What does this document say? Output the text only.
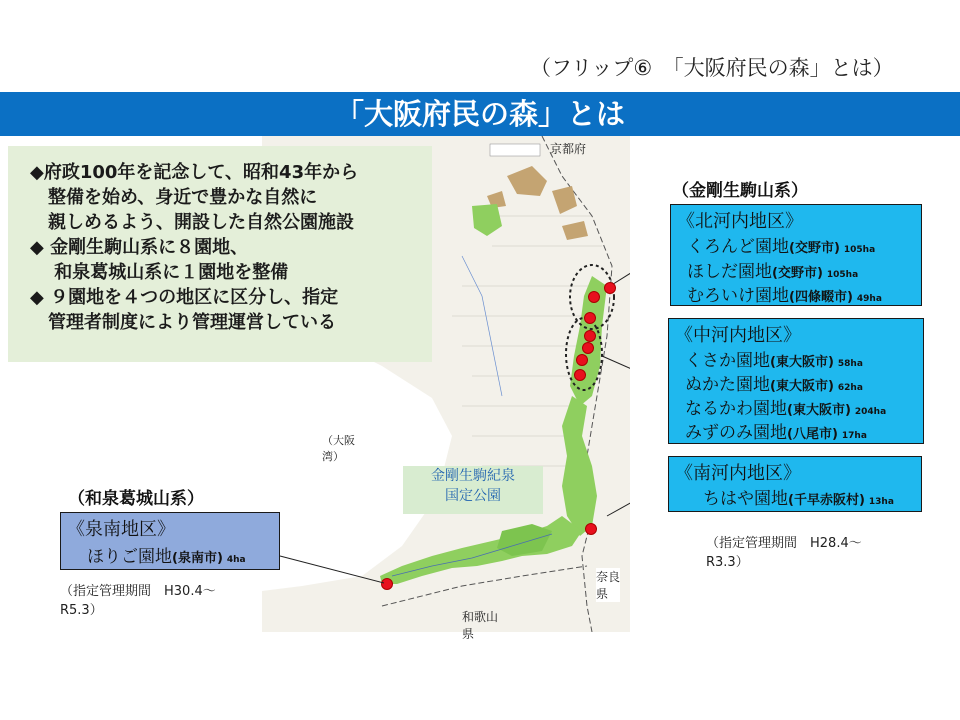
（フリップ⑥　「大阪府民の森」とは）
「大阪府民の森」とは
京都府
（大阪
湾）
奈良
県
和歌山
県
金剛生駒紀泉
国定公園
◆府政100年を記念して、昭和43年から
　整備を始め、身近で豊かな自然に
　親しめるよう、開設した自然公園施設
◆ 金剛生駒山系に８園地、
　 和泉葛城山系に１園地を整備
◆ ９園地を４つの地区に区分し、指定
　管理者制度により管理運営している
（金剛生駒山系）
（和泉葛城山系）
《北河内地区》
くろんど園地(交野市) 105ha
ほしだ園地(交野市) 105ha
むろいけ園地(四條畷市) 49ha
《中河内地区》
くさか園地(東大阪市) 58ha
ぬかた園地(東大阪市) 62ha
なるかわ園地(東大阪市) 204ha
みずのみ園地(八尾市) 17ha
《南河内地区》
ちはや園地(千早赤阪村) 13ha
《泉南地区》
ほりご園地(泉南市) 4ha
（指定管理期間　H28.4～
R3.3）
（指定管理期間　H30.4～
R5.3）
